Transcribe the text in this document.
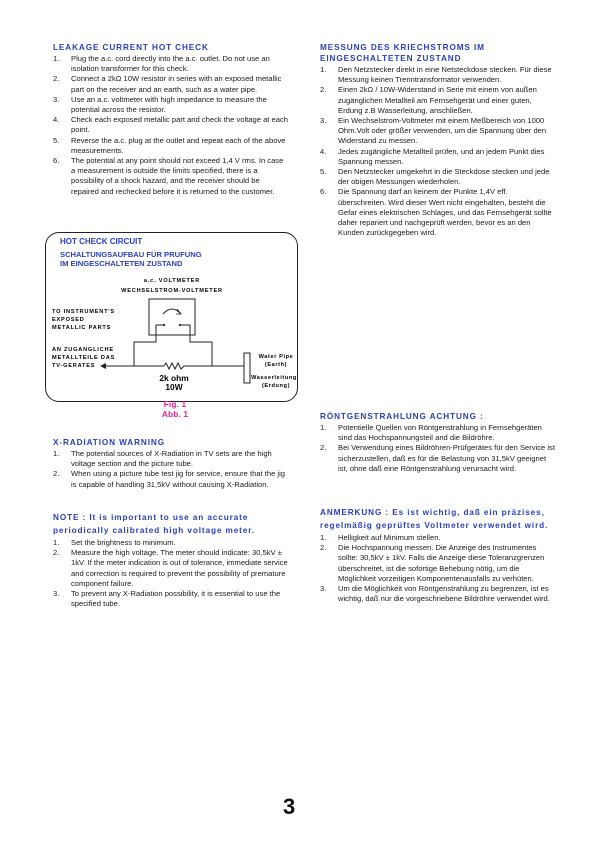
LEAKAGE CURRENT HOT CHECK
1. Plug the a.c. cord directly into the a.c. outlet. Do not use an isolation transformer for this check.
2. Connect a 2kΩ 10W resistor in series with an exposed metallic part on the receiver and an earth, such as a water pipe.
3. Use an a.c. voltmeter with high impedance to measure the potential across the resistor.
4. Check each exposed metallic part and check the voltage at each point.
5. Reverse the a.c. plug at the outlet and repeat each of the above measurements.
6. The potential at any point should not exceed 1,4 V rms. In case a measurement is outside the limits specified, there is a possibility of a shock hazard, and the receiver should be repaired and rechecked before it is returned to the customer.
MESSUNG DES KRIECHSTROMS IM EINGESCHALTETEN ZUSTAND
1. Den Netzstecker direkt in eine Netsteckdose stecken. Für diese Messung keinen Trenntransformator verwenden.
2. Einen 2kΩ / 10W-Widerstand in Serie mit einem von außen zugänglichen Metallteil am Fernsehgerät und einer guten, Erdung z.B Wasserleitung, anschließen.
3. Ein Wechselstrom-Voltmeter mit einem Meßbereich von 1000 Ohm.Volt oder größer verwenden, um die Spannung über den Widerstand zu messen.
4. Jedes zugängliche Metallteil prüfen, und an jedem Punkt dies Spannung messen.
5. Den Netzstecker umgekehrt in die Steckdose stecken und jede der obigen Messungen wiederholen.
6. Die Spannung darf an keinem der Punkte 1,4V eff. überschreiten. Wird dieser Wert nicht eingehalten, besteht die Gefar eines elektrischen Schlages, und das Fernsehgerät sollte daher repariert und nachgeprüft werden, bevor es an den Kunden zurückgegeben wird.
HOT CHECK CIRCUIT
SCHALTUNGSAUFBAU FÜR PRUFUNG
IM EINGESCHALTETEN ZUSTAND
a.c. VOLTMETER
WECHSELSTROM-VOLTMETER
TO INSTRUMENT'S
EXPOSED
METALLIC PARTS
AN ZUGANGLICHE
METALLTEILE DAS
TV-GERATES
2k ohm
10W
Water Pipe
(Earth)
Wasserleitung
(Erdung)
Fig. 1
Abb. 1
X-RADIATION WARNING
1. The potential sources of X-Radiation in TV sets are the high voltage section and the picture tube.
2. When using a picture tube test jig for service, ensure that the jig is capable of handling 31,5kV without causing X-Radiation.
NOTE : It is important to use an accurate periodically calibrated high voltage meter.
1. Set the brightness to minimum.
2. Measure the high voltage. The meter should indicate: 30,5kV ± 1kV. If the meter indication is out of tolerance, immediate service and correction is required to prevent the possibility of premature component failure.
3. To prevent any X-Radiation possibility, it is essential to use the specified tube.
RÖNTGENSTRAHLUNG ACHTUNG :
1. Potentielle Quellen von Röntgenstrahlung in Fernsehgeräten sind das Hochspannungsteil and die Bildröhre.
2. Bei Verwendung eines Bildröhren-Prüfgerätes für den Service ist sicherzustellen, daß es für die Belastung von 31,5kV geeignet ist, ohne daß eine Röntgenstrahlung verursacht wird.
ANMERKUNG : Es ist wichtig, daß ein präzises, regelmäßig geprüftes Voltmeter verwendet wird.
1. Helligkeit auf Minimum stellen.
2. Die Hochspannung messen. Die Anzeige des Instrumentes sollte: 30,5kV ± 1kV. Falls die Anzeige diese Toleranzgrenzen überschreitet, ist die sofortige Behebung nötig, um die Möglichkeit vorzeitigen Komponentenausfalls zu verhüten.
3. Um die Möglichkeit von Röntgenstrahlung zu begrenzen, ist es wichtig, daß nur die vorgeschriebene Bildröhre verwendet wird.
3
